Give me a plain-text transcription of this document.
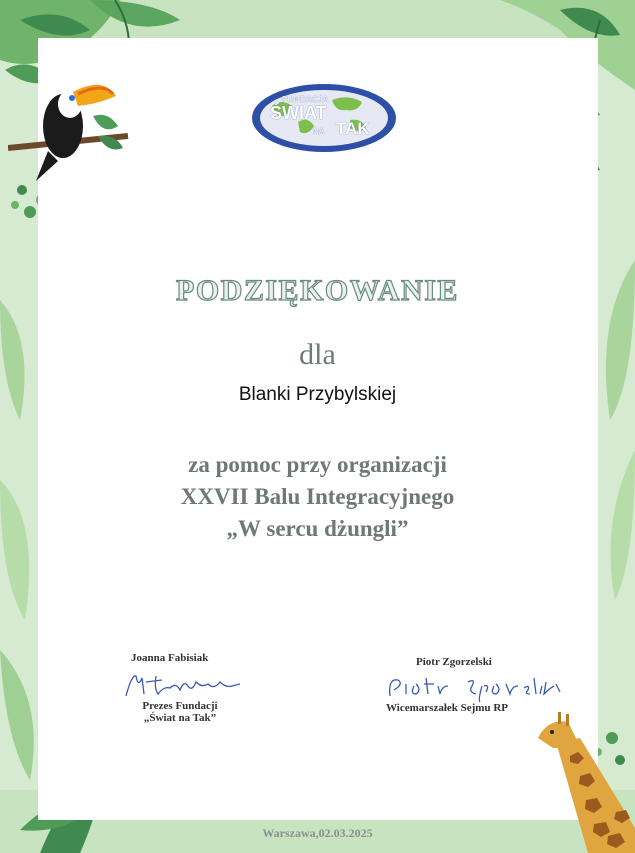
FUNDACJA
ŚWIAT
NA TAK
PODZIĘKOWANIE
dla
Blanki Przybylskiej
za pomoc przy organizacji
XXVII Balu Integracyjnego
„W sercu dżungli”
Joanna Fabisiak
Prezes Fundacji
„Świat na Tak”
Piotr Zgorzelski
Wicemarszałek Sejmu RP
Warszawa,02.03.2025
